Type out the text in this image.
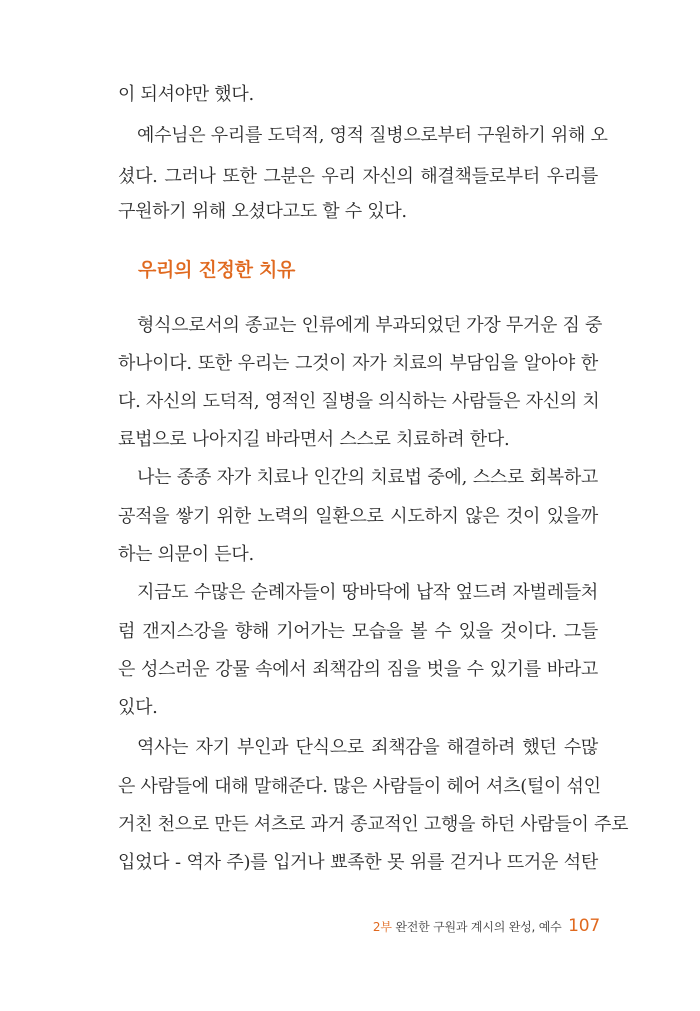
이 되셔야만 했다.
예수님은 우리를 도덕적, 영적 질병으로부터 구원하기 위해 오
셨다. 그러나 또한 그분은 우리 자신의 해결책들로부터 우리를
구원하기 위해 오셨다고도 할 수 있다.
우리의 진정한 치유
형식으로서의 종교는 인류에게 부과되었던 가장 무거운 짐 중
하나이다. 또한 우리는 그것이 자가 치료의 부담임을 알아야 한
다. 자신의 도덕적, 영적인 질병을 의식하는 사람들은 자신의 치
료법으로 나아지길 바라면서 스스로 치료하려 한다.
나는 종종 자가 치료나 인간의 치료법 중에, 스스로 회복하고
공적을 쌓기 위한 노력의 일환으로 시도하지 않은 것이 있을까
하는 의문이 든다.
지금도 수많은 순례자들이 땅바닥에 납작 엎드려 자벌레들처
럼 갠지스강을 향해 기어가는 모습을 볼 수 있을 것이다. 그들
은 성스러운 강물 속에서 죄책감의 짐을 벗을 수 있기를 바라고
있다.
역사는 자기 부인과 단식으로 죄책감을 해결하려 했던 수많
은 사람들에 대해 말해준다. 많은 사람들이 헤어 셔츠(털이 섞인
거친 천으로 만든 셔츠로 과거 종교적인 고행을 하던 사람들이 주로
입었다 - 역자 주)를 입거나 뾰족한 못 위를 걷거나 뜨거운 석탄
2부 완전한 구원과 계시의 완성, 예수 107
